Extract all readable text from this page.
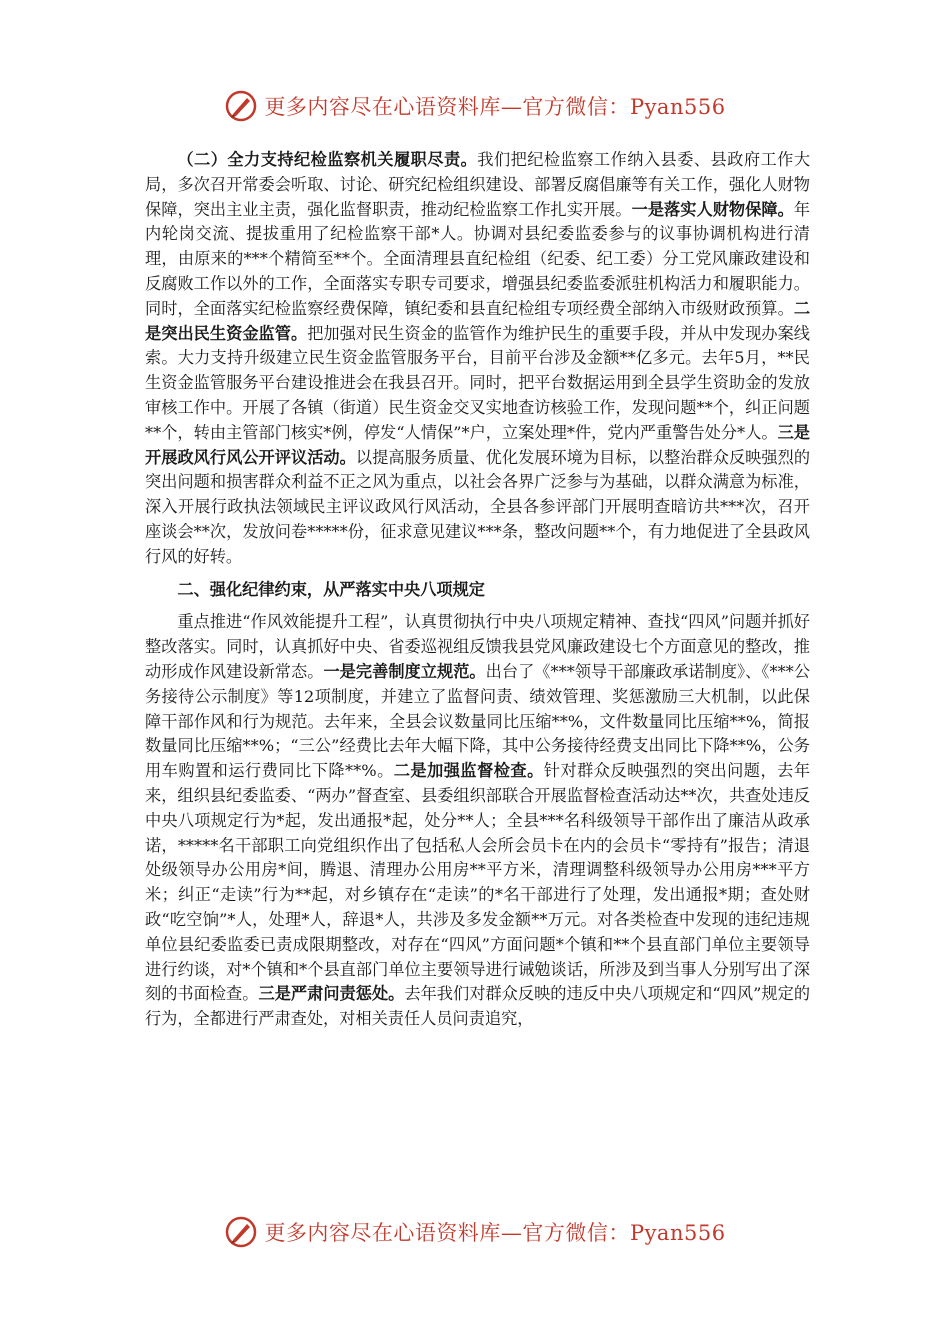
更多内容尽在心语资料库—官方微信：Pyan556

（二）全力支持纪检监察机关履职尽责。我们把纪检监察工作纳入县委、县政府工作大局，多次召开常委会听取、讨论、研究纪检组织建设、部署反腐倡廉等有关工作，强化人财物保障，突出主业主责，强化监督职责，推动纪检监察工作扎实开展。一是落实人财物保障。年内轮岗交流、提拔重用了纪检监察干部*人。协调对县纪委监委参与的议事协调机构进行清理，由原来的***个精简至**个。全面清理县直纪检组（纪委、纪工委）分工党风廉政建设和反腐败工作以外的工作，全面落实专职专司要求，增强县纪委监委派驻机构活力和履职能力。同时，全面落实纪检监察经费保障，镇纪委和县直纪检组专项经费全部纳入市级财政预算。二是突出民生资金监管。把加强对民生资金的监管作为维护民生的重要手段，并从中发现办案线索。大力支持升级建立民生资金监管服务平台，目前平台涉及金额**亿多元。去年5月，**民生资金监管服务平台建设推进会在我县召开。同时，把平台数据运用到全县学生资助金的发放审核工作中。开展了各镇（街道）民生资金交叉实地查访核验工作，发现问题**个，纠正问题**个，转由主管部门核实*例，停发“人情保”*户，立案处理*件，党内严重警告处分*人。三是开展政风行风公开评议活动。以提高服务质量、优化发展环境为目标，以整治群众反映强烈的突出问题和损害群众利益不正之风为重点，以社会各界广泛参与为基础，以群众满意为标准，深入开展行政执法领域民主评议政风行风活动，全县各参评部门开展明查暗访共***次，召开座谈会**次，发放问卷*****份，征求意见建议***条，整改问题**个，有力地促进了全县政风行风的好转。

二、强化纪律约束，从严落实中央八项规定

重点推进“作风效能提升工程”，认真贯彻执行中央八项规定精神、查找“四风”问题并抓好整改落实。同时，认真抓好中央、省委巡视组反馈我县党风廉政建设七个方面意见的整改，推动形成作风建设新常态。一是完善制度立规范。出台了《***领导干部廉政承诺制度》、《***公务接待公示制度》等12项制度，并建立了监督问责、绩效管理、奖惩激励三大机制，以此保障干部作风和行为规范。去年来，全县会议数量同比压缩**%，文件数量同比压缩**%，简报数量同比压缩**%；“三公”经费比去年大幅下降，其中公务接待经费支出同比下降**%，公务用车购置和运行费同比下降**%。二是加强监督检查。针对群众反映强烈的突出问题，去年来，组织县纪委监委、“两办”督查室、县委组织部联合开展监督检查活动达**次，共查处违反中央八项规定行为*起，发出通报*起，处分**人；全县***名科级领导干部作出了廉洁从政承诺，*****名干部职工向党组织作出了包括私人会所会员卡在内的会员卡“零持有”报告；清退处级领导办公用房*间，腾退、清理办公用房**平方米，清理调整科级领导办公用房***平方米；纠正“走读”行为**起，对乡镇存在“走读”的*名干部进行了处理，发出通报*期；查处财政“吃空饷”*人，处理*人，辞退*人，共涉及多发金额**万元。对各类检查中发现的违纪违规单位县纪委监委已责成限期整改，对存在“四风”方面问题*个镇和**个县直部门单位主要领导进行约谈，对*个镇和*个县直部门单位主要领导进行诫勉谈话，所涉及到当事人分别写出了深刻的书面检查。三是严肃问责惩处。去年我们对群众反映的违反中央八项规定和“四风”规定的行为，全都进行严肃查处，对相关责任人员问责追究，

更多内容尽在心语资料库—官方微信：Pyan556
